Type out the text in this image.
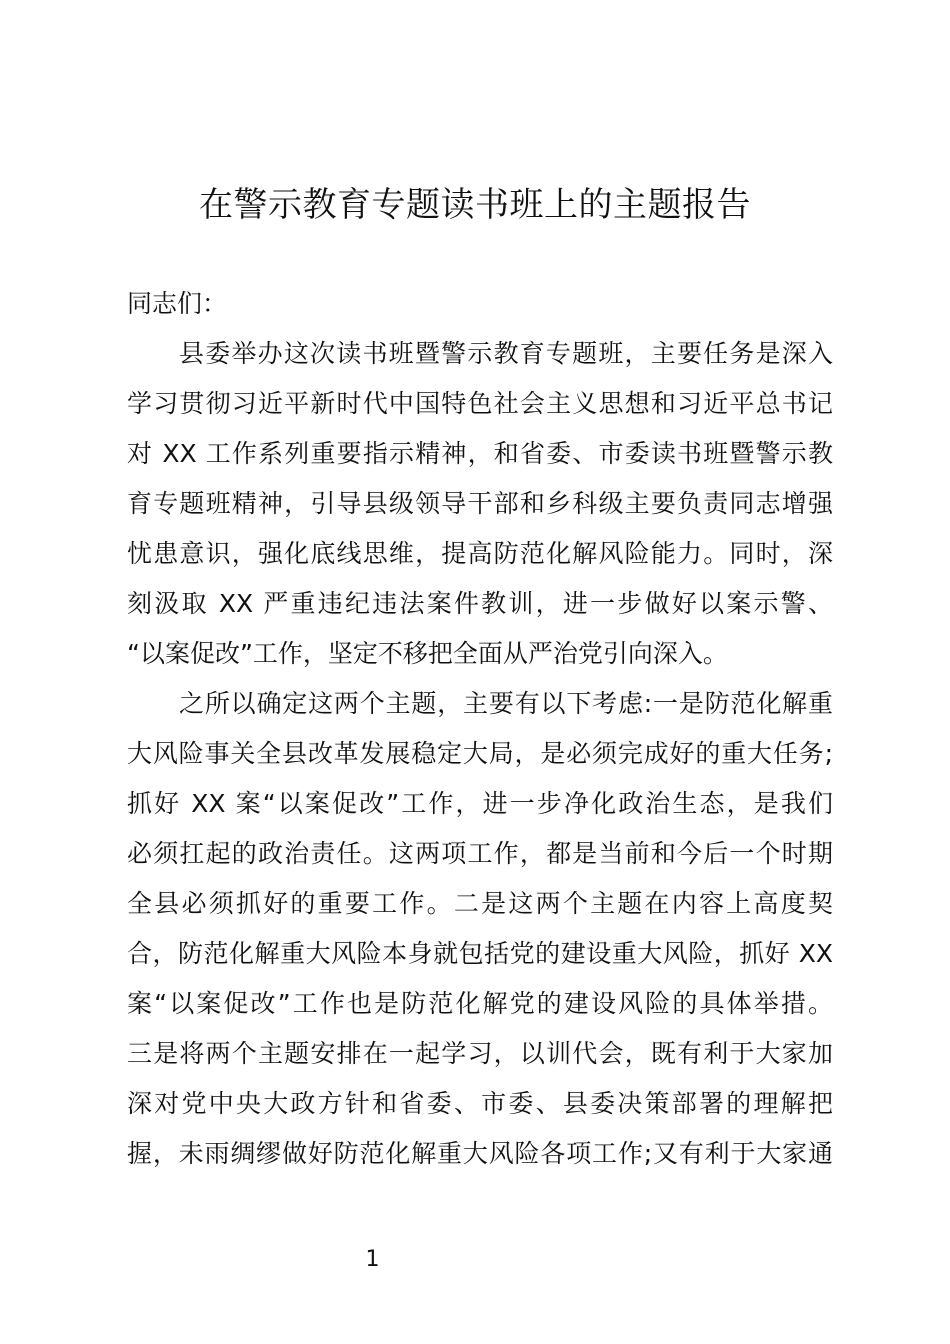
在警示教育专题读书班上的主题报告

同志们：

县委举办这次读书班暨警示教育专题班，主要任务是深入

学习贯彻习近平新时代中国特色社会主义思想和习近平总书记

对 XX 工作系列重要指示精神，和省委、市委读书班暨警示教

育专题班精神，引导县级领导干部和乡科级主要负责同志增强

忧患意识，强化底线思维，提高防范化解风险能力。同时，深

刻汲取 XX 严重违纪违法案件教训，进一步做好以案示警、

“以案促改”工作，坚定不移把全面从严治党引向深入。

之所以确定这两个主题，主要有以下考虑:一是防范化解重

大风险事关全县改革发展稳定大局，是必须完成好的重大任务;

抓好 XX 案“以案促改”工作，进一步净化政治生态，是我们

必须扛起的政治责任。这两项工作，都是当前和今后一个时期

全县必须抓好的重要工作。二是这两个主题在内容上高度契

合，防范化解重大风险本身就包括党的建设重大风险，抓好 XX

案“以案促改”工作也是防范化解党的建设风险的具体举措。

三是将两个主题安排在一起学习，以训代会，既有利于大家加

深对党中央大政方针和省委、市委、县委决策部署的理解把

握，未雨绸缪做好防范化解重大风险各项工作;又有利于大家通

1
